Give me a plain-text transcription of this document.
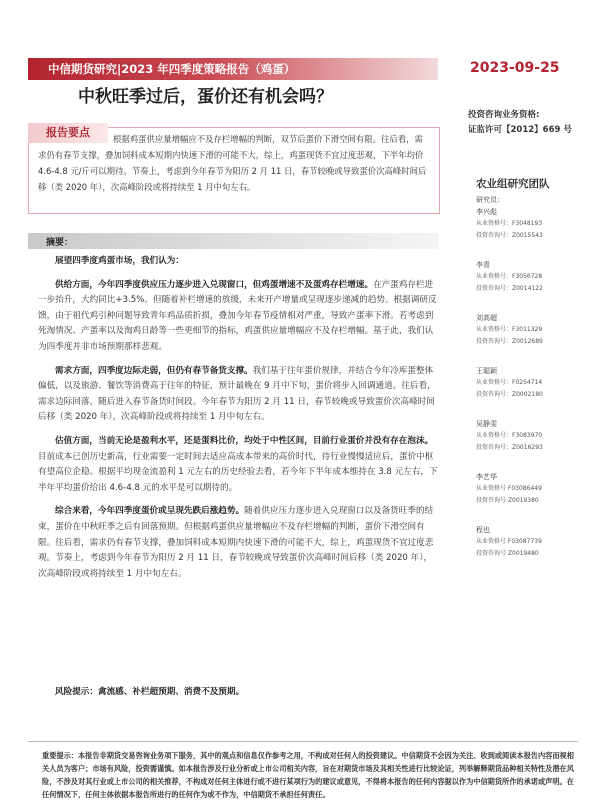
中信期货研究|2023 年四季度策略报告（鸡蛋）	2023-09-25
中秋旺季过后，蛋价还有机会吗？
投资咨询业务资格:
证监许可【2012】669 号
根据鸡蛋供应量增幅应不及存栏增幅的判断，双节后蛋价下滑空间有限。往后看，需求仍有春节支撑，叠加饲料成本短期内快速下滑的可能不大，综上，鸡蛋现货不宜过度悲观，下半年均价 4.6-4.8 元/斤可以期待。节奏上，考虑到今年春节为阳历 2 月 11 日，春节较晚或导致蛋价次高峰时间后移（类 2020 年），次高峰阶段或将持续至 1 月中旬左右。
报告要点
农业组研究团队
研究员：
李兴彪
从业资格号：F3048193
投资咨询号：Z0015543
李青
从业资格号：F3056728
投资咨询号：Z0014122
刘高超
从业资格号：F3011329
投资咨询号：Z0012689
王聪颖
从业资格号：F0254714
投资咨询号：Z0002180
吴静雯
从业资格号：F3083970
投资咨询号：Z0016293
李艺华
从业资格号 F03086449
投资咨询号 Z0019380
程也
从业资格号 F03087739
投资咨询号 Z0019480
摘要：

展望四季度鸡蛋市场，我们认为：

供给方面，今年四季度供应压力逐步进入兑现窗口，但鸡蛋增速不及蛋鸡存栏增速。在产蛋鸡存栏进一步抬升，大约同比+3.5%。但随着补栏增速的放缓，未来开产增量或呈现逐步递减的趋势。根据调研反馈，由于祖代鸡引种问题导致青年鸡品质折损，叠加今年春节疫情相对严重，导致产蛋率下滑。若考虑到死淘情况、产蛋率以及淘鸡日龄等一些更细节的指标，鸡蛋供应量增幅应不及存栏增幅。基于此，我们认为四季度并非市场预期那样悲观。

需求方面，四季度边际走弱，但仍有春节备货支撑。我们基于往年蛋价规律，并结合今年冷库蛋整体偏低，以及旅游、餐饮等消费高于往年的特征，预计最晚在 9 月中下旬，蛋价将步入回调通道。往后看，需求边际回落，随后进入春节备货时间段。今年春节为阳历 2 月 11 日，春节较晚或导致蛋价次高峰时间后移（类 2020 年），次高峰阶段或将持续至 1 月中旬左右。

估值方面，当前无论是盈利水平，还是蛋料比价，均处于中性区间，目前行业蛋价并没有存在泡沫。目前成本已创历史新高，行业需要一定时间去适应高成本带来的高价时代，待行业慢慢适应后，蛋价中枢有望高位企稳。根据平均现金流盈利 1 元左右的历史经验去看，若今年下半年成本维持在 3.8 元左右，下半年平均蛋价给出 4.6-4.8 元的水平是可以期待的。

综合来看，今年四季度蛋价或呈现先跌后涨趋势。随着供应压力逐步进入兑现窗口以及备货旺季的结束，蛋价在中秋旺季之后有回落预期。但根据鸡蛋供应量增幅应不及存栏增幅的判断，蛋价下滑空间有限。往后看，需求仍有春节支撑，叠加饲料成本短期内快速下滑的可能不大，综上，鸡蛋现货不宜过度悲观。节奏上，考虑到今年春节为阳历 2 月 11 日，春节较晚或导致蛋价次高峰时间后移（类 2020 年），次高峰阶段或将持续至 1 月中旬左右。

风险提示：禽流感、补栏超预期、消费不及预期。
重要提示：本报告非期货交易咨询业务项下服务，其中的观点和信息仅作参考之用，不构成对任何人的投资建议。中信期货不会因为关注、收到或阅读本报告内容而视相关人员为客户；市场有风险，投资需谨慎。如本报告涉及行业分析或上市公司相关内容，旨在对期货市场及其相关性进行比较论证，列举解释期货品种相关特性及潜在风险，不涉及对其行业或上市公司的相关推荐，不构成对任何主体进行或不进行某项行为的建议或意见，不得将本报告的任何内容据以作为中信期货所作的承诺或声明。在任何情况下，任何主体依据本报告所进行的任何作为或不作为，中信期货不承担任何责任。
